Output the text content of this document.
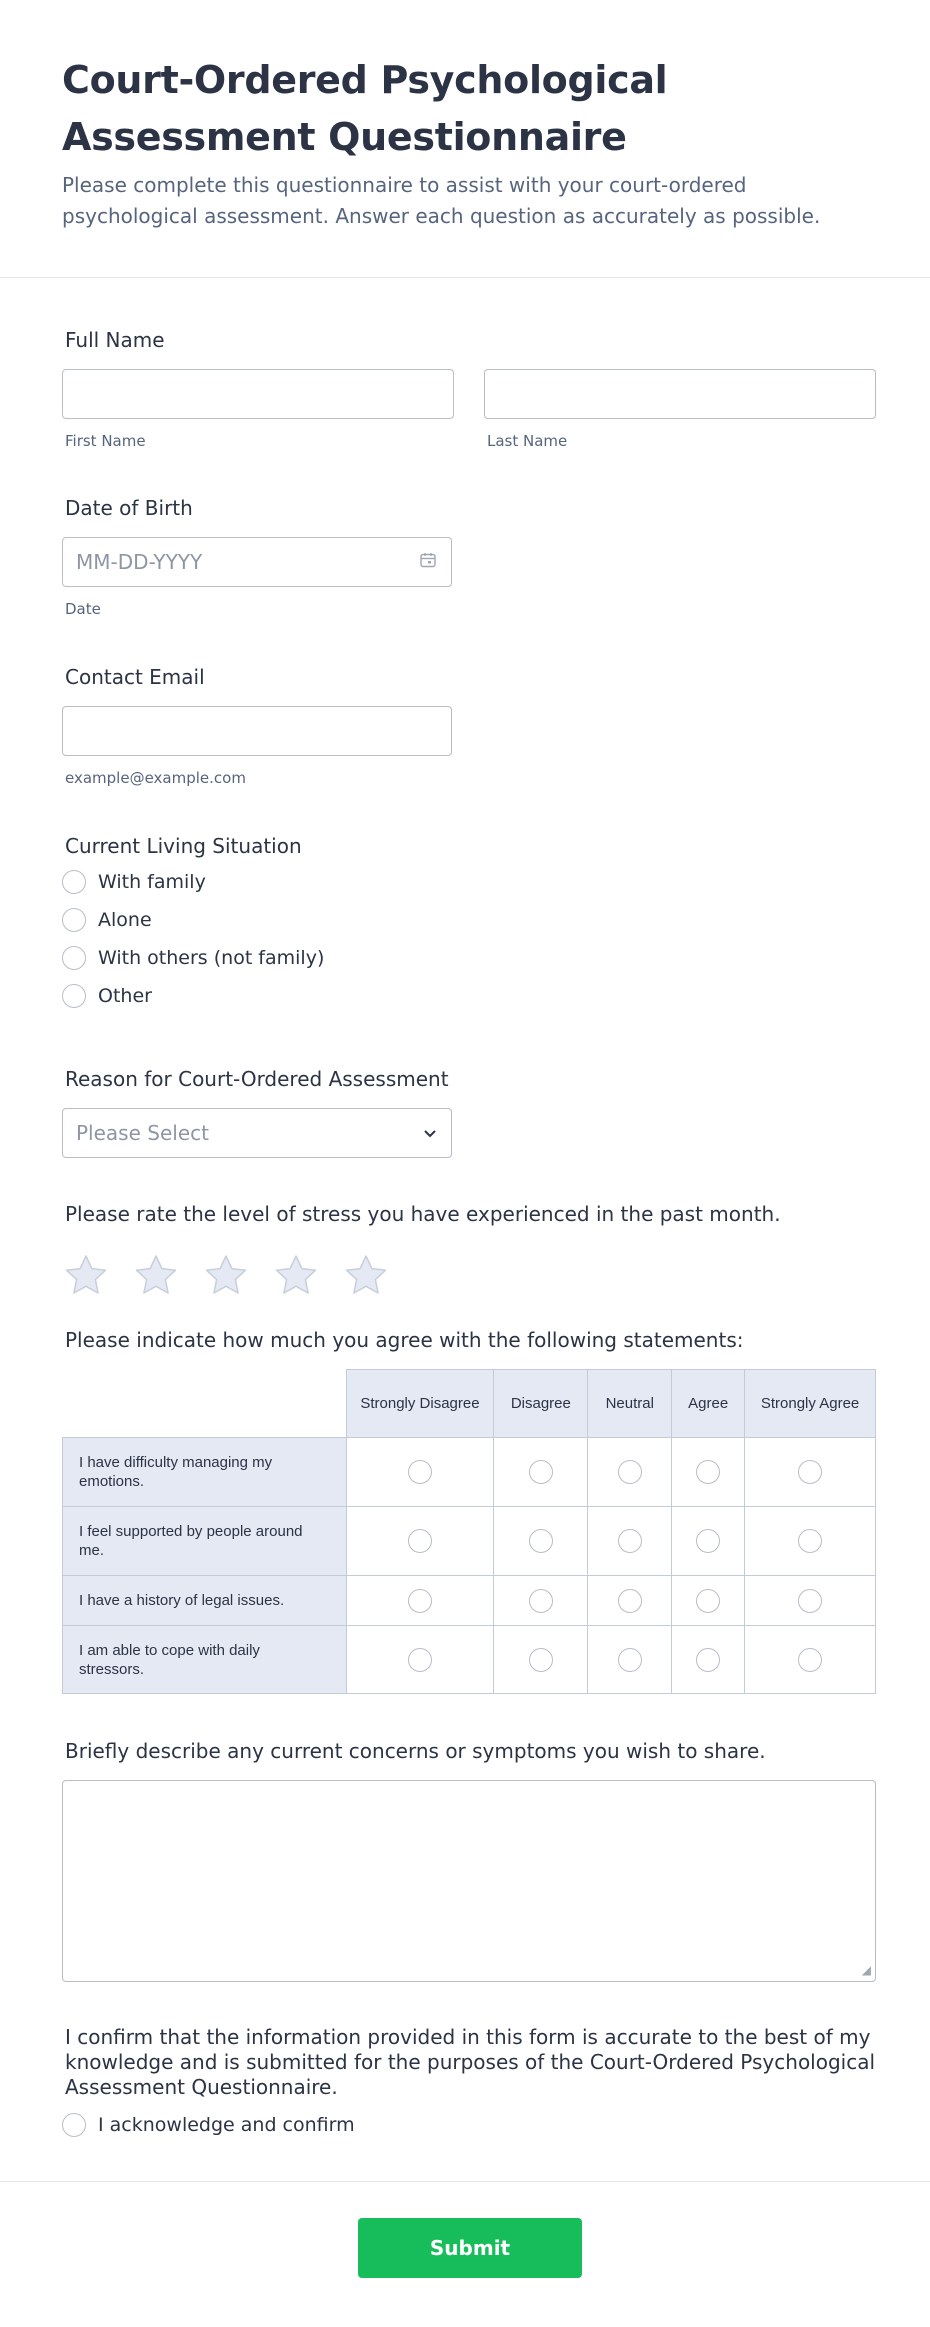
Court-Ordered Psychological Assessment Questionnaire

Please complete this questionnaire to assist with your court-ordered psychological assessment. Answer each question as accurately as possible.

Full Name
First Name	Last Name
Date of Birth
MM-DD-YYYY
Date
Contact Email
example@example.com
Current Living Situation
With family
Alone
With others (not family)
Other
Reason for Court-Ordered Assessment
Please Select
Please rate the level of stress you have experienced in the past month.
Please indicate how much you agree with the following statements:
	Strongly Disagree	Disagree	Neutral	Agree	Strongly Agree
I have difficulty managing my emotions.					
I feel supported by people around me.					
I have a history of legal issues.					
I am able to cope with daily stressors.					
Briefly describe any current concerns or symptoms you wish to share.
◢
I confirm that the information provided in this form is accurate to the best of my knowledge and is submitted for the purposes of the Court-Ordered Psychological Assessment Questionnaire.
I acknowledge and confirm
Submit
